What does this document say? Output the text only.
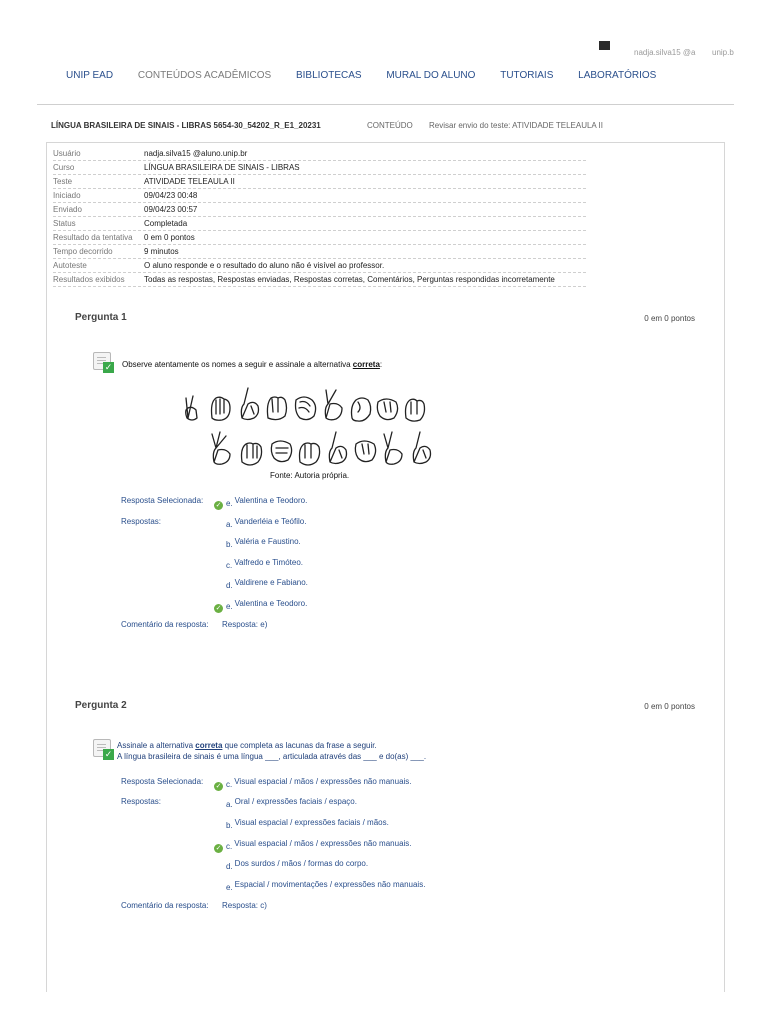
nadja.silva15 @a unip.b
UNIP EAD CONTEÚDOS ACADÊMICOS BIBLIOTECAS MURAL DO ALUNO TUTORIAIS LABORATÓRIOS
LÍNGUA BRASILEIRA DE SINAIS - LIBRAS 5654-30_54202_R_E1_20231	CONTEÚDO Revisar envio do teste: ATIVIDADE TELEAULA II
Usuário	nadja.silva15 @aluno.unip.br
Curso	LÍNGUA BRASILEIRA DE SINAIS - LIBRAS
Teste	ATIVIDADE TELEAULA II
Iniciado	09/04/23 00:48
Enviado	09/04/23 00:57
Status	Completada
Resultado da tentativa	0 em 0 pontos
Tempo decorrido	9 minutos
Autoteste	O aluno responde e o resultado do aluno não é visível ao professor.
Resultados exibidos	Todas as respostas, Respostas enviadas, Respostas corretas, Comentários, Perguntas respondidas incorretamente
Pergunta 1	0 em 0 pontos
✓ Observe atentamente os nomes a seguir e assinale a alternativa correta:
Fonte: Autoria própria.
Resposta Selecionada:
✓ e. Valentina e Teodoro.
Respostas:	a. Vanderléia e Teófilo.
b. Valéria e Faustino.
c. Valfredo e Timóteo.
d. Valdirene e Fabiano.
✓ e. Valentina e Teodoro.
Comentário da resposta: Resposta: e)
Pergunta 2	0 em 0 pontos
✓
Assinale a alternativa correta que completa as lacunas da frase a seguir.
A língua brasileira de sinais é uma língua ___, articulada através das ___ e do(as) ___.
Resposta Selecionada:
✓ c. Visual espacial / mãos / expressões não manuais.
Respostas:	a. Oral / expressões faciais / espaço.
b. Visual espacial / expressões faciais / mãos.
✓ c. Visual espacial / mãos / expressões não manuais.
d. Dos surdos / mãos / formas do corpo.
e. Espacial / movimentações / expressões não manuais.
Comentário da resposta: Resposta: c)
